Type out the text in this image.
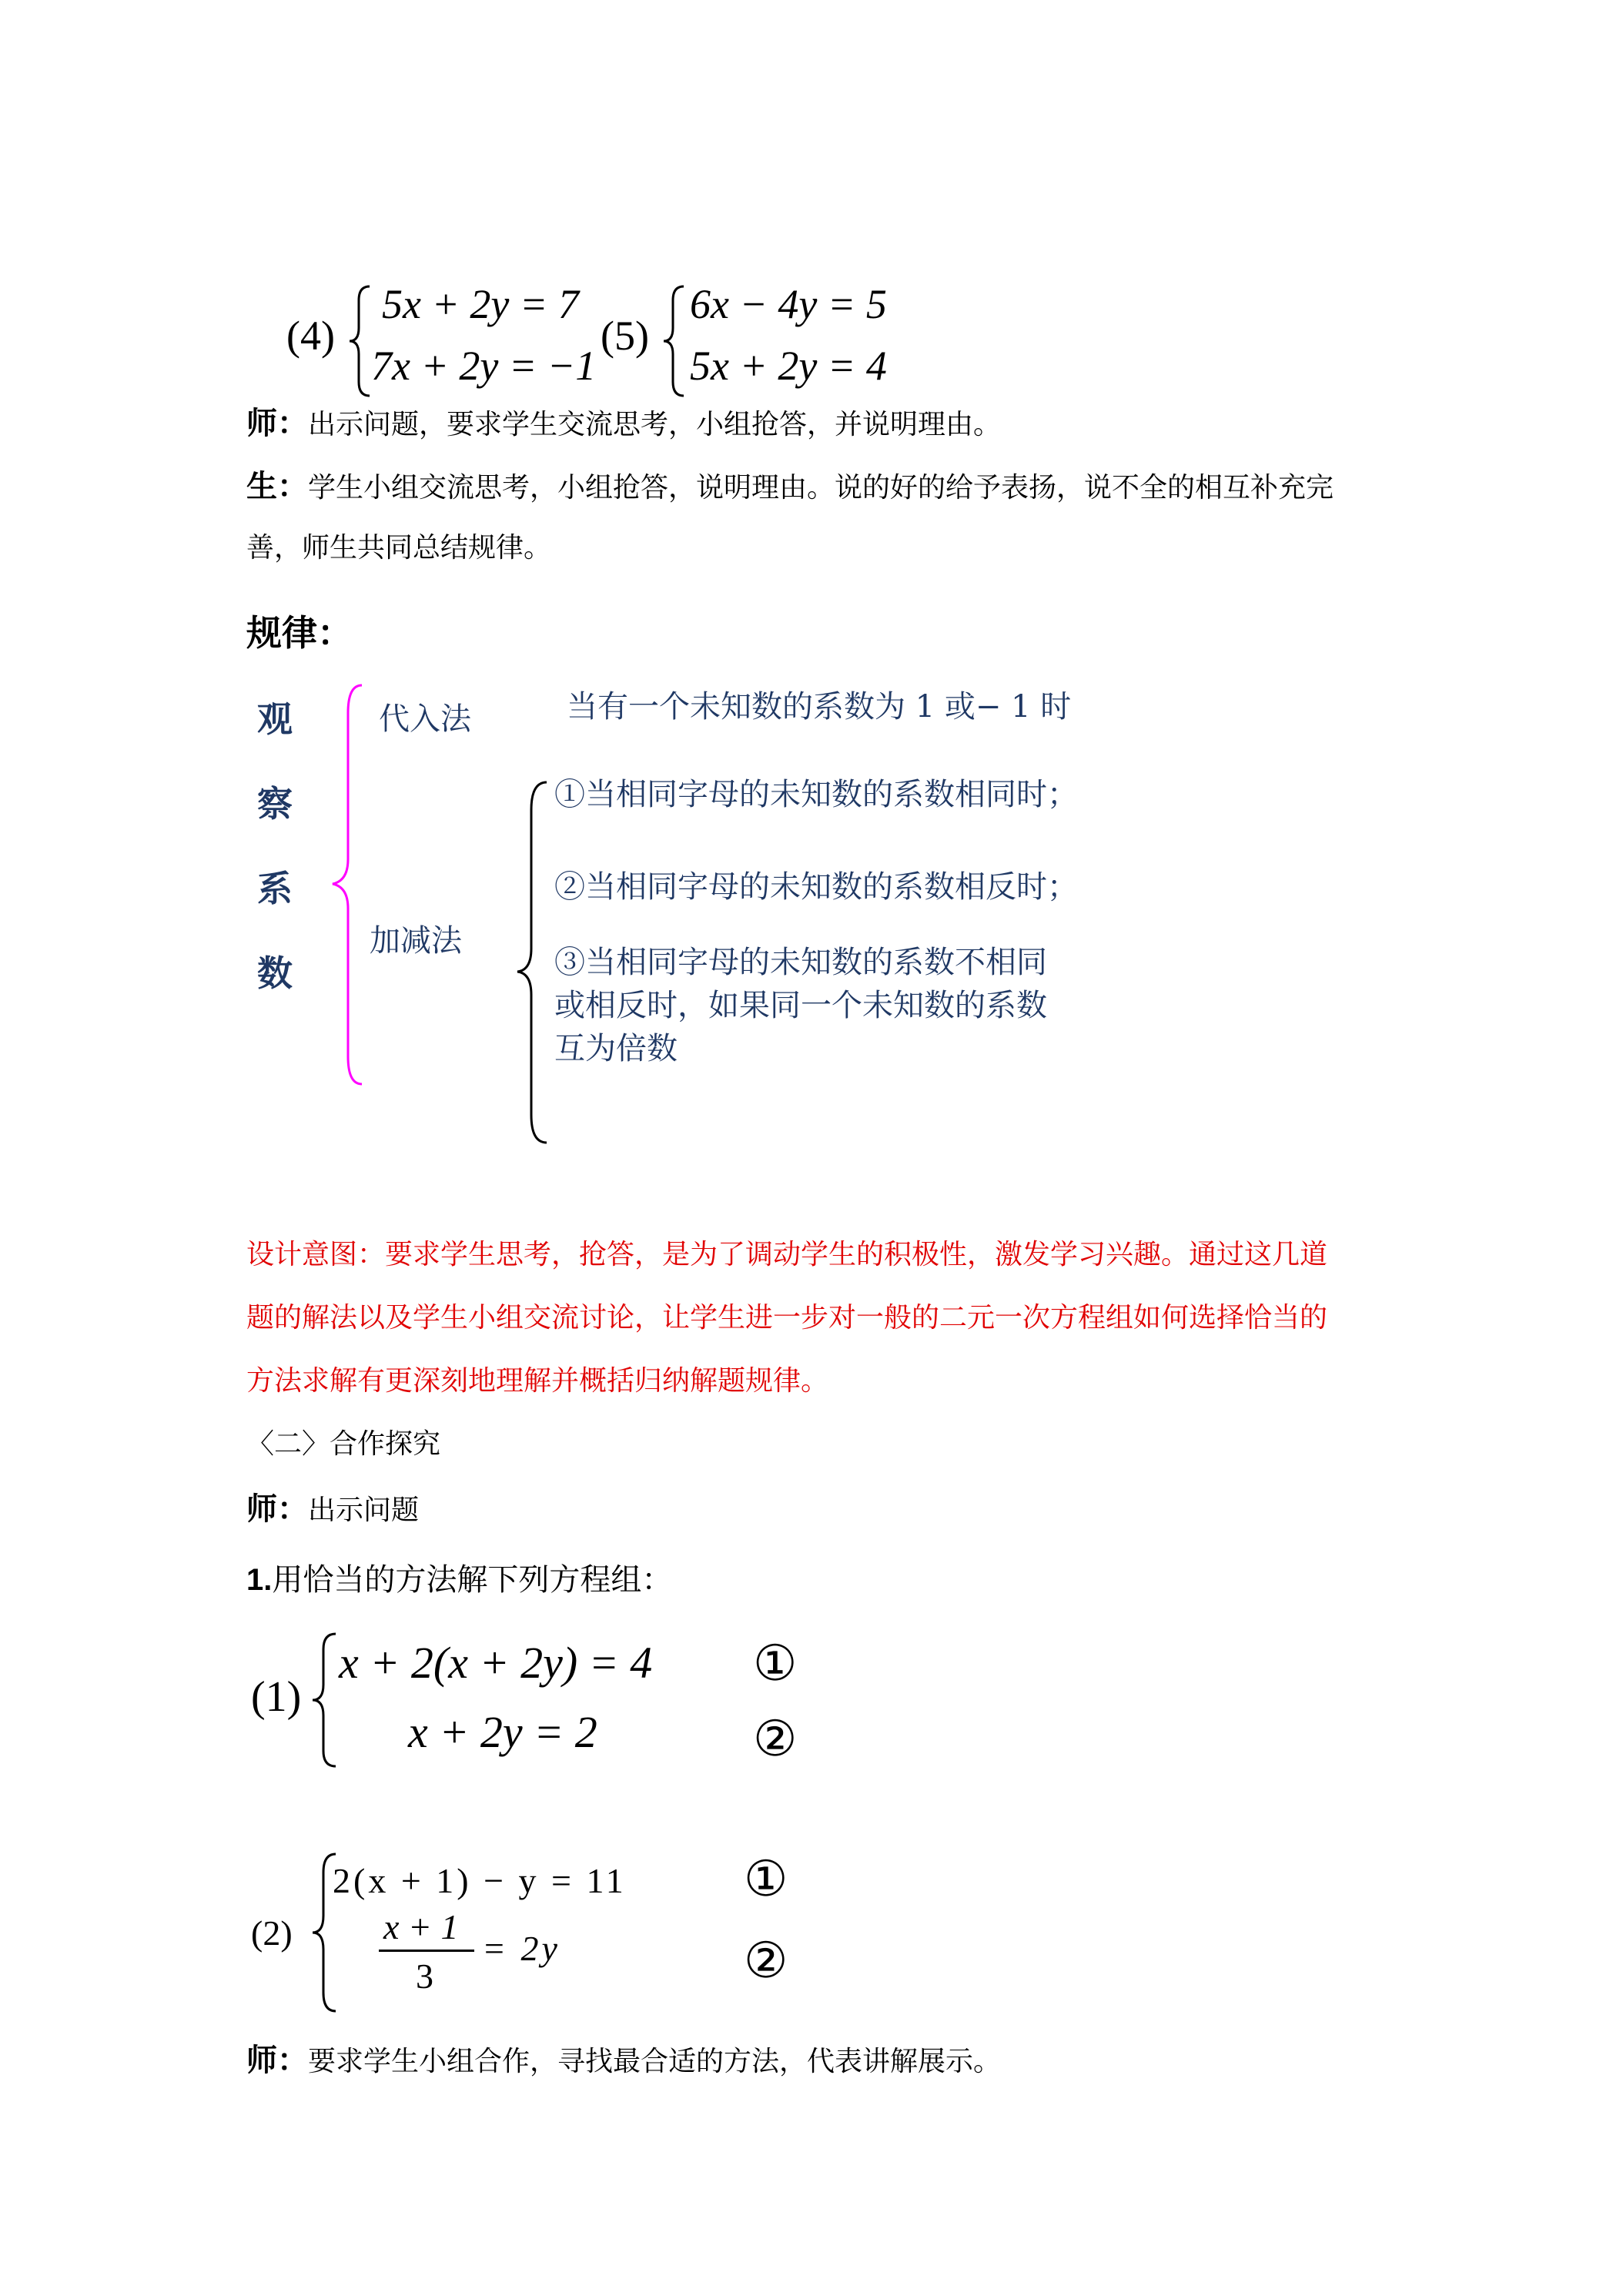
(4)
5x + 2y = 7
7x + 2y = −1
(5)
6x − 4y = 5
5x + 2y = 4
师：出示问题，要求学生交流思考，小组抢答，并说明理由。
生：学生小组交流思考，小组抢答，说明理由。说的好的给予表扬，说不全的相互补充完
善，师生共同总结规律。
规律：
观
察
系
数
代入法	当有一个未知数的系数为 1 或− 1 时
加减法
①当相同字母的未知数的系数相同时；
②当相同字母的未知数的系数相反时；
③当相同字母的未知数的系数不相同
或相反时，如果同一个未知数的系数
互为倍数
设计意图：要求学生思考，抢答，是为了调动学生的积极性，激发学习兴趣。通过这几道
题的解法以及学生小组交流讨论，让学生进一步对一般的二元一次方程组如何选择恰当的
方法求解有更深刻地理解并概括归纳解题规律。
〈二〉合作探究
师：出示问题
1.用恰当的方法解下列方程组：
(1)
x + 2(x + 2y) = 4
x + 2y = 2
①
②
(2)
2(x + 1) − y = 11
x + 1
3
= 2y
①
②
师：要求学生小组合作，寻找最合适的方法，代表讲解展示。
